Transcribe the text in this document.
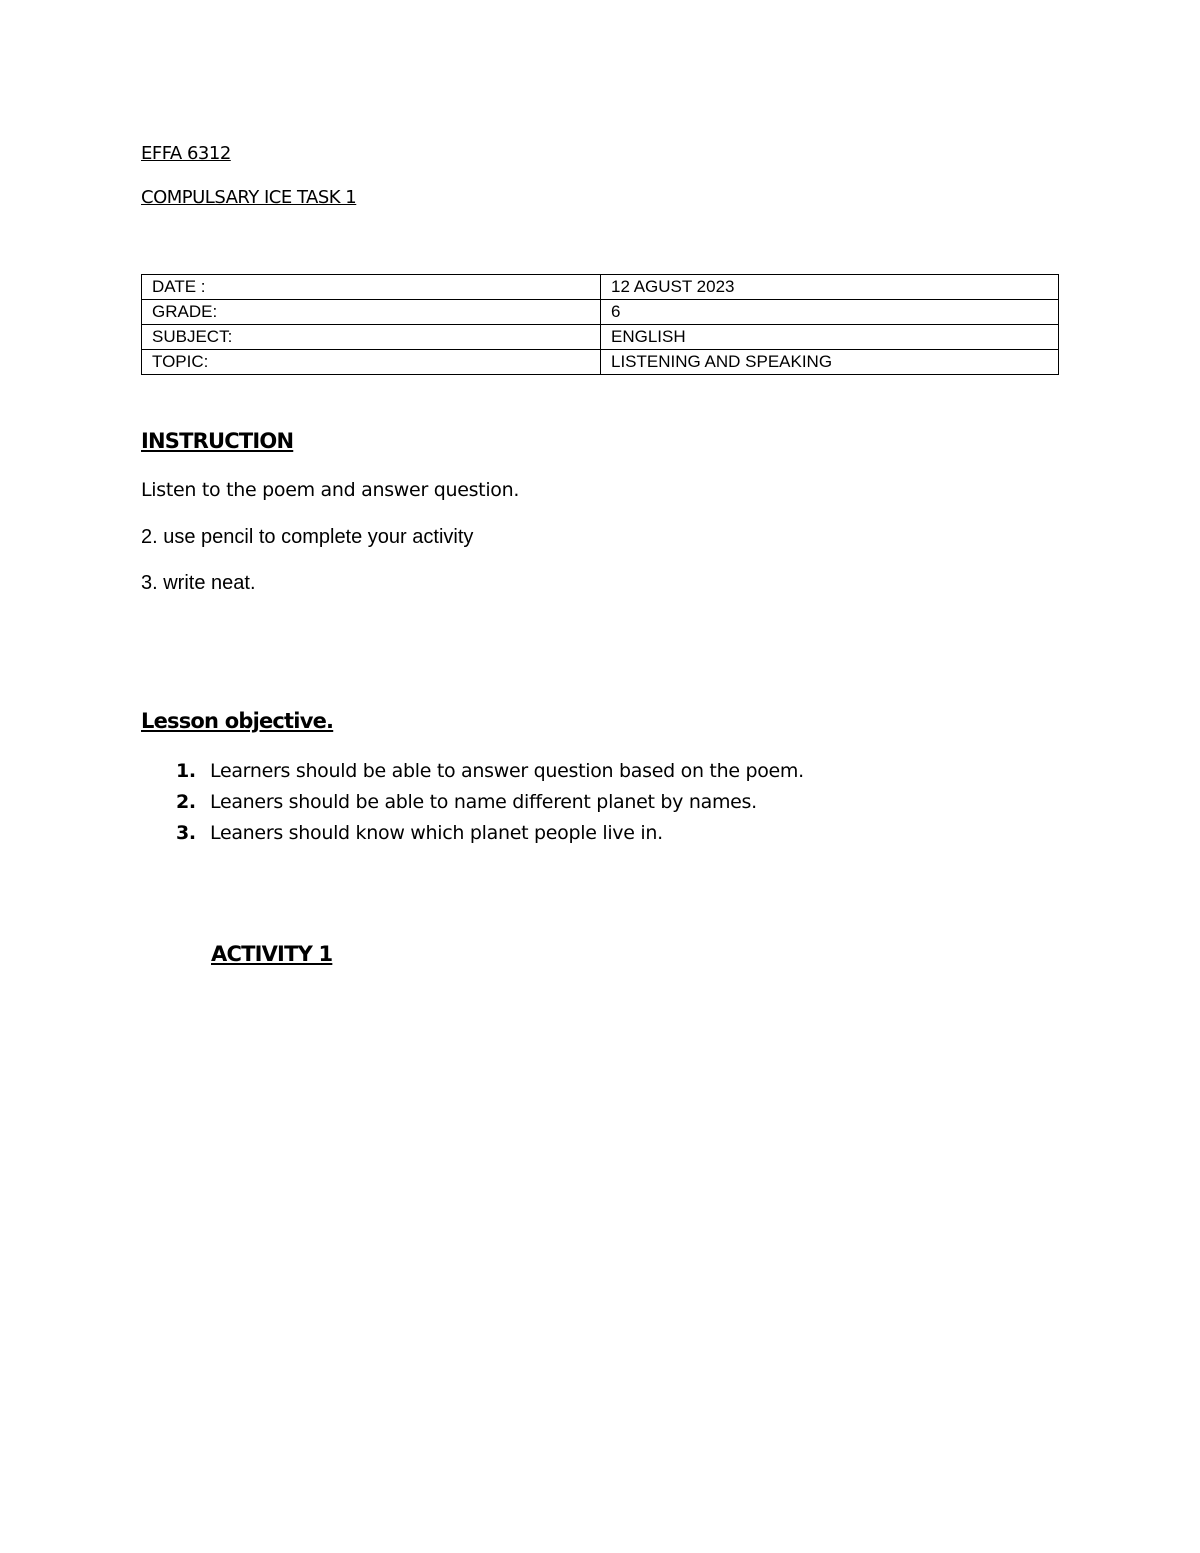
EFFA 6312
COMPULSARY ICE TASK 1
DATE :	12 AGUST 2023
GRADE:	6
SUBJECT:	ENGLISH
TOPIC:	LISTENING AND SPEAKING
INSTRUCTION
Listen to the poem and answer question.
2. use pencil to complete your activity
3. write neat.
Lesson objective.
1. Learners should be able to answer question based on the poem.
2. Leaners should be able to name different planet by names.
3. Leaners should know which planet people live in.
ACTIVITY 1
